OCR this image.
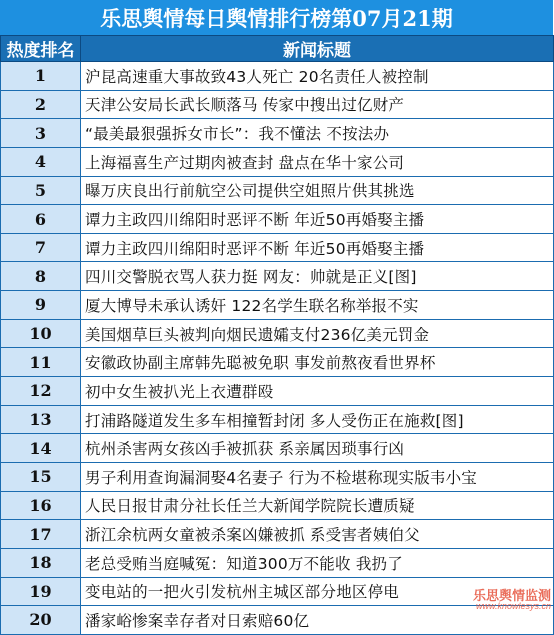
乐思舆情每日舆情排行榜第07月21期
热度排名	新闻标题
1	沪昆高速重大事故致43人死亡 20名责任人被控制
2	天津公安局长武长顺落马 传家中搜出过亿财产
3	“最美最狠强拆女市长”：我不懂法 不按法办
4	上海福喜生产过期肉被查封 盘点在华十家公司
5	曝万庆良出行前航空公司提供空姐照片供其挑选
6	谭力主政四川绵阳时恶评不断 年近50再婚娶主播
7	谭力主政四川绵阳时恶评不断 年近50再婚娶主播
8	四川交警脱衣骂人获力挺 网友：帅就是正义[图]
9	厦大博导未承认诱奸 122名学生联名称举报不实
10	美国烟草巨头被判向烟民遗孀支付236亿美元罚金
11	安徽政协副主席韩先聪被免职 事发前熬夜看世界杯
12	初中女生被扒光上衣遭群殴
13	打浦路隧道发生多车相撞暂封闭 多人受伤正在施救[图]
14	杭州杀害两女孩凶手被抓获 系亲属因琐事行凶
15	男子利用查询漏洞娶4名妻子 行为不检堪称现实版韦小宝
16	人民日报甘肃分社长任兰大新闻学院院长遭质疑
17	浙江余杭两女童被杀案凶嫌被抓 系受害者姨伯父
18	老总受贿当庭喊冤：知道300万不能收 我扔了
19	变电站的一把火引发杭州主城区部分地区停电
20	潘家峪惨案幸存者对日索赔60亿
乐思舆情监测
www.knowlesys.cn
